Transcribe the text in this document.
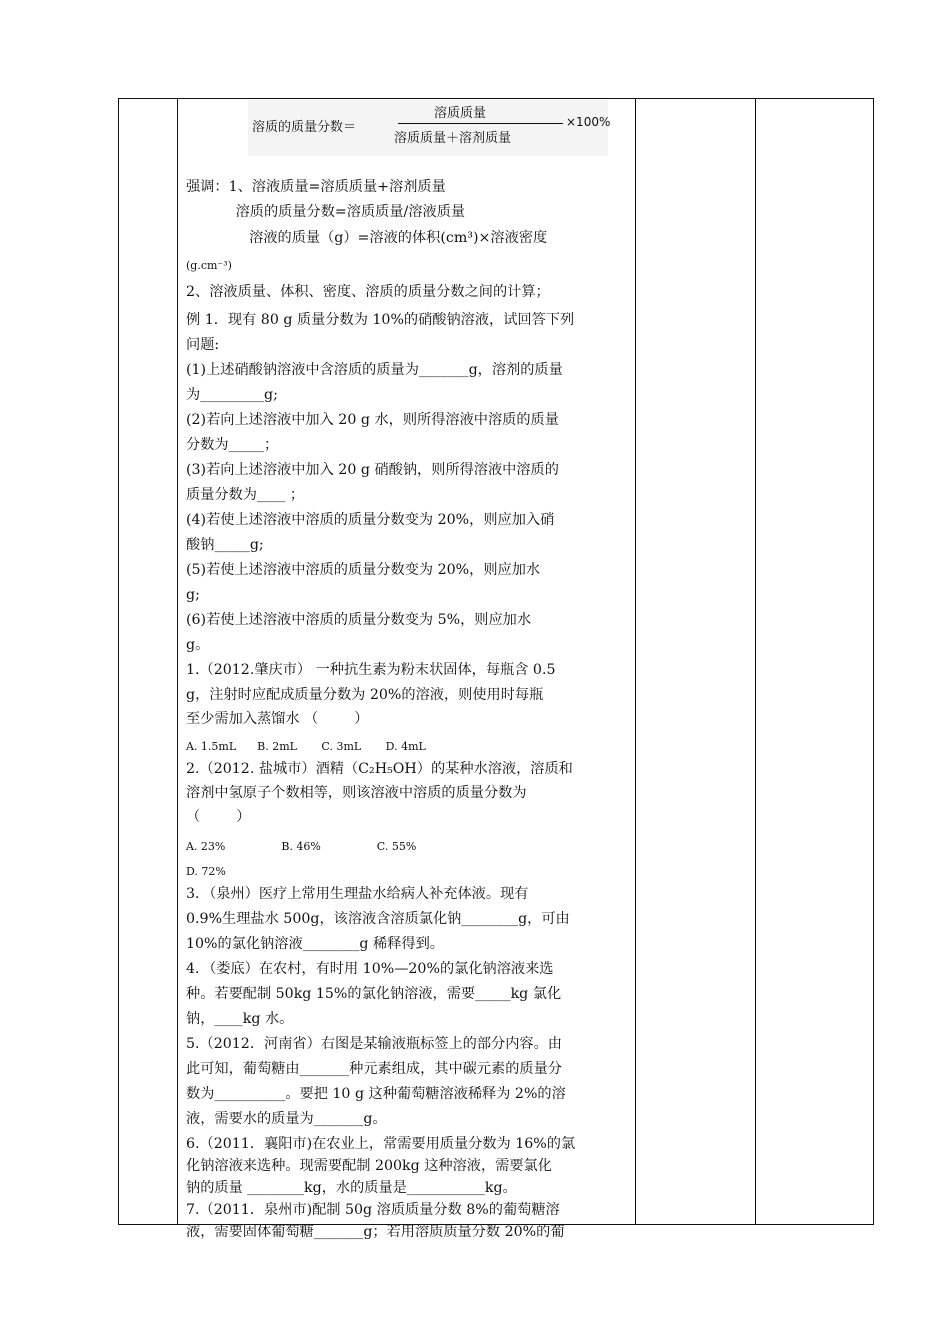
溶质的质量分数＝
溶质质量
溶质质量＋溶剂质量
×100%
强调：1、溶液质量=溶质质量+溶剂质量
溶质的质量分数=溶质质量/溶液质量
溶液的质量（g）=溶液的体积(cm³)×溶液密度
(g.cm⁻³)
2、溶液质量、体积、密度、溶质的质量分数之间的计算；
例 1．现有 80 g 质量分数为 10%的硝酸钠溶液，试回答下列
问题:
(1)上述硝酸钠溶液中含溶质的质量为_______g，溶剂的质量
为_________g;
(2)若向上述溶液中加入 20 g 水，则所得溶液中溶质的质量
分数为_____；
(3)若向上述溶液中加入 20 g 硝酸钠，则所得溶液中溶质的
质量分数为____ ；
(4)若使上述溶液中溶质的质量分数变为 20%，则应加入硝
酸钠_____g;
(5)若使上述溶液中溶质的质量分数变为 20%，则应加水
g;
(6)若使上述溶液中溶质的质量分数变为 5%，则应加水
g。
1.（2012.肇庆市） 一种抗生素为粉末状固体，每瓶含 0.5
g，注射时应配成质量分数为 20%的溶液，则使用时每瓶
至少需加入蒸馏水 （        ）
A. 1.5mL      B. 2mL       C. 3mL       D. 4mL
2.（2012. 盐城市）酒精（C₂H₅OH）的某种水溶液，溶质和
溶剂中氢原子个数相等，则该溶液中溶质的质量分数为
（        ）
A. 23%                B. 46%                C. 55%
D. 72%
3．（泉州）医疗上常用生理盐水给病人补充体液。现有
0.9%生理盐水 500g，该溶液含溶质氯化钠________g，可由
10%的氯化钠溶液________g 稀释得到。
4．（娄底）在农村，有时用 10%—20%的氯化钠溶液来选
种。若要配制 50kg 15%的氯化钠溶液，需要_____kg 氯化
钠，____kg 水。
5.（2012．河南省）右图是某输液瓶标签上的部分内容。由
此可知，葡萄糖由_______种元素组成，其中碳元素的质量分
数为__________。要把 10 g 这种葡萄糖溶液稀释为 2%的溶
液，需要水的质量为_______g。
6.（2011．襄阳市)在农业上，常需要用质量分数为 16%的氯
化钠溶液来选种。现需要配制 200kg 这种溶液，需要氯化
钠的质量 ________kg，水的质量是___________kg。
7.（2011．泉州市)配制 50g 溶质质量分数 8%的葡萄糖溶
液，需要固体葡萄糖_______g；若用溶质质量分数 20%的葡
